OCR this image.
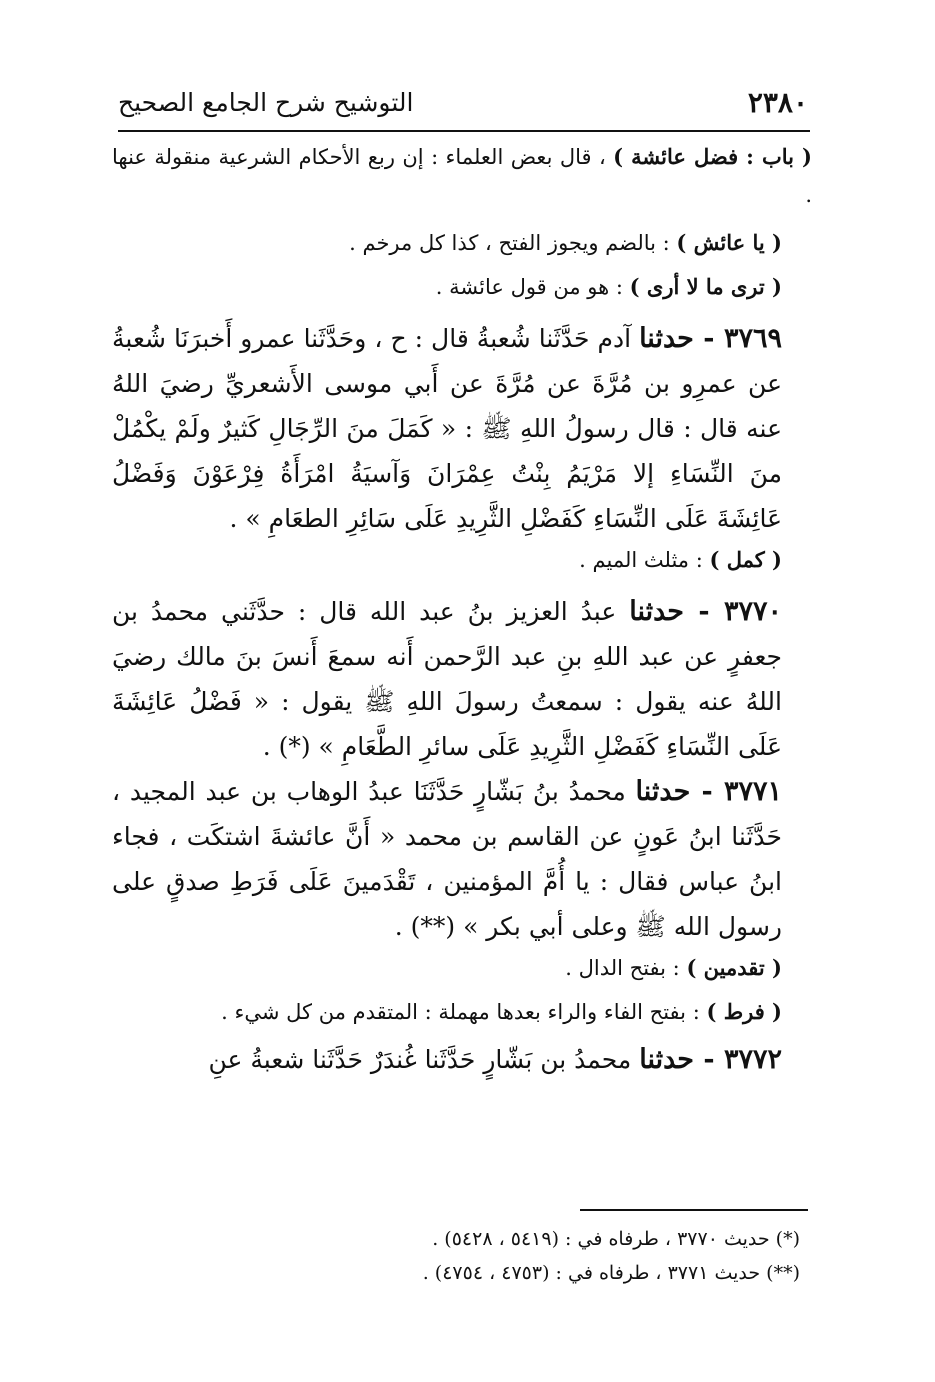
٢٣٨٠
التوشيح شرح الجامع الصحيح

( باب : فضل عائشة ) ، قال بعض العلماء : إن ربع الأحكام الشرعية منقولة عنها .

( يا عائش ) : بالضم ويجوز الفتح ، كذا كل مرخم .

( ترى ما لا أرى ) : هو من قول عائشة .

٣٧٦٩ - حدثنا آدم حَدَّثَنا شُعبةُ قال : ح ، وحَدَّثَنا عمرو أَخبرَنَا شُعبةُ عن عمرِو بن مُرَّةَ عن مُرَّةَ عن أَبي موسى الأَشعريِّ رضيَ اللهُ عنه قال : قال رسولُ اللهِ ﷺ : « كَمَلَ منَ الرِّجَالِ كَثيرٌ ولَمْ يكْمُلْ منَ النِّسَاءِ إلا مَرْيَمُ بِنْتُ عِمْرَانَ وَآسيَةُ امْرَأَةُ فِرْعَوْنَ وَفَضْلُ عَائِشَةَ عَلَى النِّسَاءِ كَفَضْلِ الثَّرِيدِ عَلَى سَائِرِ الطعَامِ » .

( كمل ) : مثلث الميم .

٣٧٧٠ - حدثنا عبدُ العزيز بنُ عبد الله قال : حدَّثَني محمدُ بن جعفرٍ عن عبد اللهِ بنِ عبد الرَّحمن أَنه سمعَ أَنسَ بنَ مالك رضيَ اللهُ عنه يقول : سمعتُ رسولَ اللهِ ﷺ يقول : « فَضْلُ عَائِشَةَ عَلَى النِّسَاءِ كَفَضْلِ الثَّرِيدِ عَلَى سائرِ الطَّعَامِ » (*) .

٣٧٧١ - حدثنا محمدُ بنُ بَشّارٍ حَدَّثَنَا عبدُ الوهاب بن عبد المجيد ، حَدَّثَنا ابنُ عَونٍ عن القاسم بن محمد « أَنَّ عائشةَ اشتكَت ، فجاء ابنُ عباس فقال : يا أُمَّ المؤمنين ، تَقْدَمينَ عَلَى فَرَطِ صدقٍ على رسول الله ﷺ وعلى أبي بكر » (**) .

( تقدمين ) : بفتح الدال .

( فرط ) : بفتح الفاء والراء بعدها مهملة : المتقدم من كل شيء .

٣٧٧٢ - حدثنا محمدُ بن بَشّارٍ حَدَّثَنا غُندَرٌ حَدَّثَنا شعبةُ عنِ

(*) حديث ٣٧٧٠ ، طرفاه في : (٥٤١٩ ، ٥٤٢٨) .

(**) حديث ٣٧٧١ ، طرفاه في : (٤٧٥٣ ، ٤٧٥٤) .
